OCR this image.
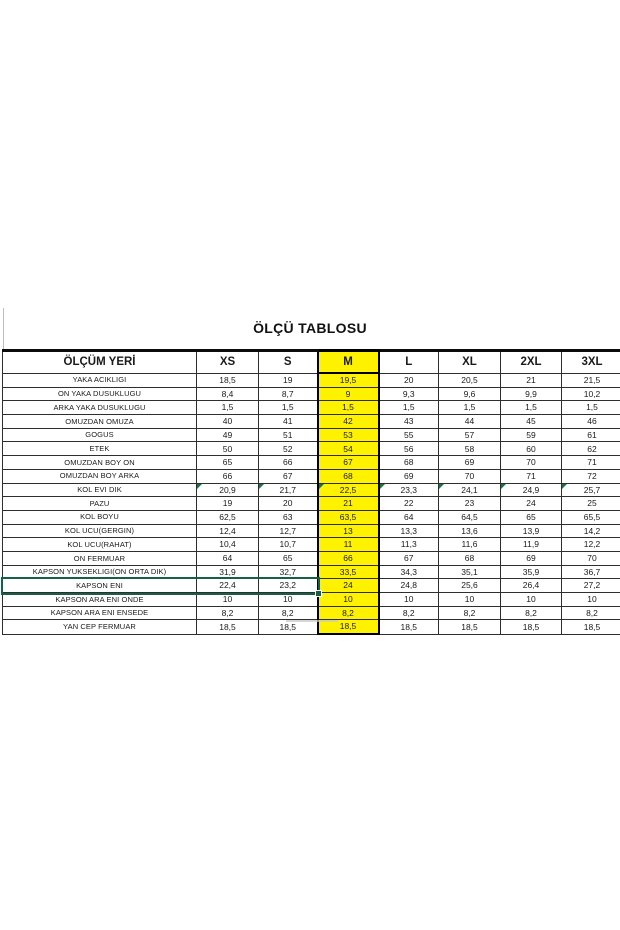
ÖLÇÜ TABLOSU
ÖLÇÜM YERİ	XS	S	M	L	XL	2XL	3XL
YAKA ACIKLIGI	18,5	19	19,5	20	20,5	21	21,5
ON YAKA DUSUKLUGU	8,4	8,7	9	9,3	9,6	9,9	10,2
ARKA YAKA DUSUKLUGU	1,5	1,5	1,5	1,5	1,5	1,5	1,5
OMUZDAN OMUZA	40	41	42	43	44	45	46
GOGUS	49	51	53	55	57	59	61
ETEK	50	52	54	56	58	60	62
OMUZDAN BOY ON	65	66	67	68	69	70	71
OMUZDAN BOY ARKA	66	67	68	69	70	71	72
KOL EVI DIK	20,9	21,7	22,5	23,3	24,1	24,9	25,7
PAZU	19	20	21	22	23	24	25
KOL BOYU	62,5	63	63,5	64	64,5	65	65,5
KOL UCU(GERGIN)	12,4	12,7	13	13,3	13,6	13,9	14,2
KOL UCU(RAHAT)	10,4	10,7	11	11,3	11,6	11,9	12,2
ON FERMUAR	64	65	66	67	68	69	70
KAPSON YUKSEKLIGI(ON ORTA DIK)	31,9	32,7	33,5	34,3	35,1	35,9	36,7
KAPSON ENI	22,4	23,2	24	24,8	25,6	26,4	27,2
KAPSON ARA ENI ONDE	10	10	10	10	10	10	10
KAPSON ARA ENI ENSEDE	8,2	8,2	8,2	8,2	8,2	8,2	8,2
YAN CEP FERMUAR	18,5	18,5	18,5	18,5	18,5	18,5	18,5
